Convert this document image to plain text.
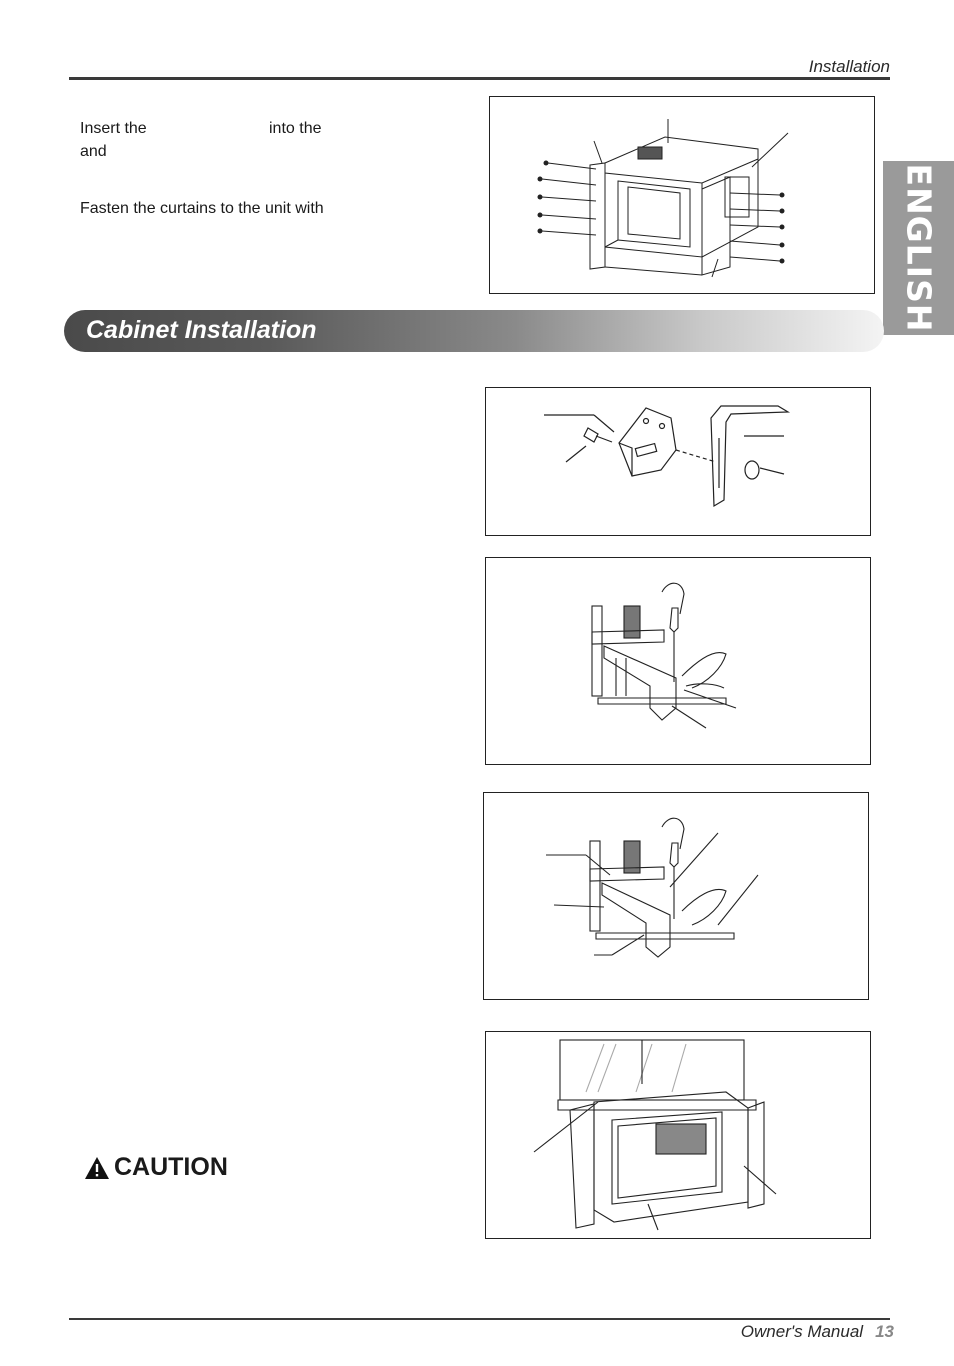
Installation
ENGLISH
Insert the	into the
and
Fasten the curtains to the unit with
Cabinet Installation
CAUTION
Owner's Manual 13
